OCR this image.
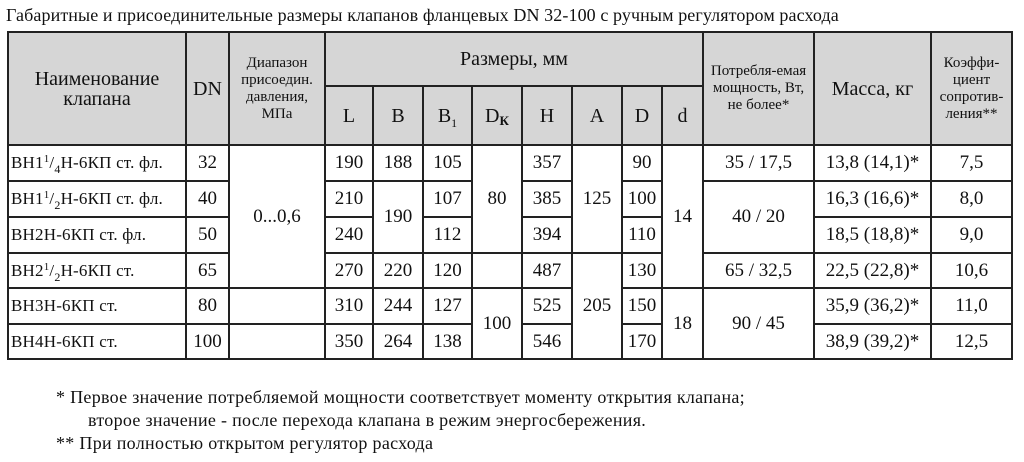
Габаритные и присоединительные размеры клапанов фланцевых DN 32-100 с ручным регулятором расхода
Наименование клапана	DN	Диапазон присоедин. давления, МПа	Размеры, мм								Потребля-емая мощность, Вт, не более*	Масса, кг	Коэффи-циент сопротив-ления**
			L	B	$B_1$	DК	H	A	D	d			
$ВН1^1/_4Н-6КП$ ст. фл.	32	0...0,6	190	188	105	80	357	125	90	14	35 / 17,5	13,8 (14,1)*	7,5
$ВН1^1/_2Н-6КП$ ст. фл.	40		210	190	107		385		100		40 / 20	16,3 (16,6)*	8,0
ВН2Н-6КП ст. фл.	50		240		112		394		110			18,5 (18,8)*	9,0
$ВН2^1/_2Н-6КП$ ст.	65		270	220	120		487	205	130		65 / 32,5	22,5 (22,8)*	10,6
ВН3Н-6КП ст.	80		310	244	127	100	525		150	18	90 / 45	35,9 (36,2)*	11,0
ВН4Н-6КП ст.	100		350	264	138		546		170			38,9 (39,2)*	12,5
* Первое значение потребляемой мощности соответствует моменту открытия клапана;
второе значение - после перехода клапана в режим энергосбережения.
** При полностью открытом регулятор расхода
